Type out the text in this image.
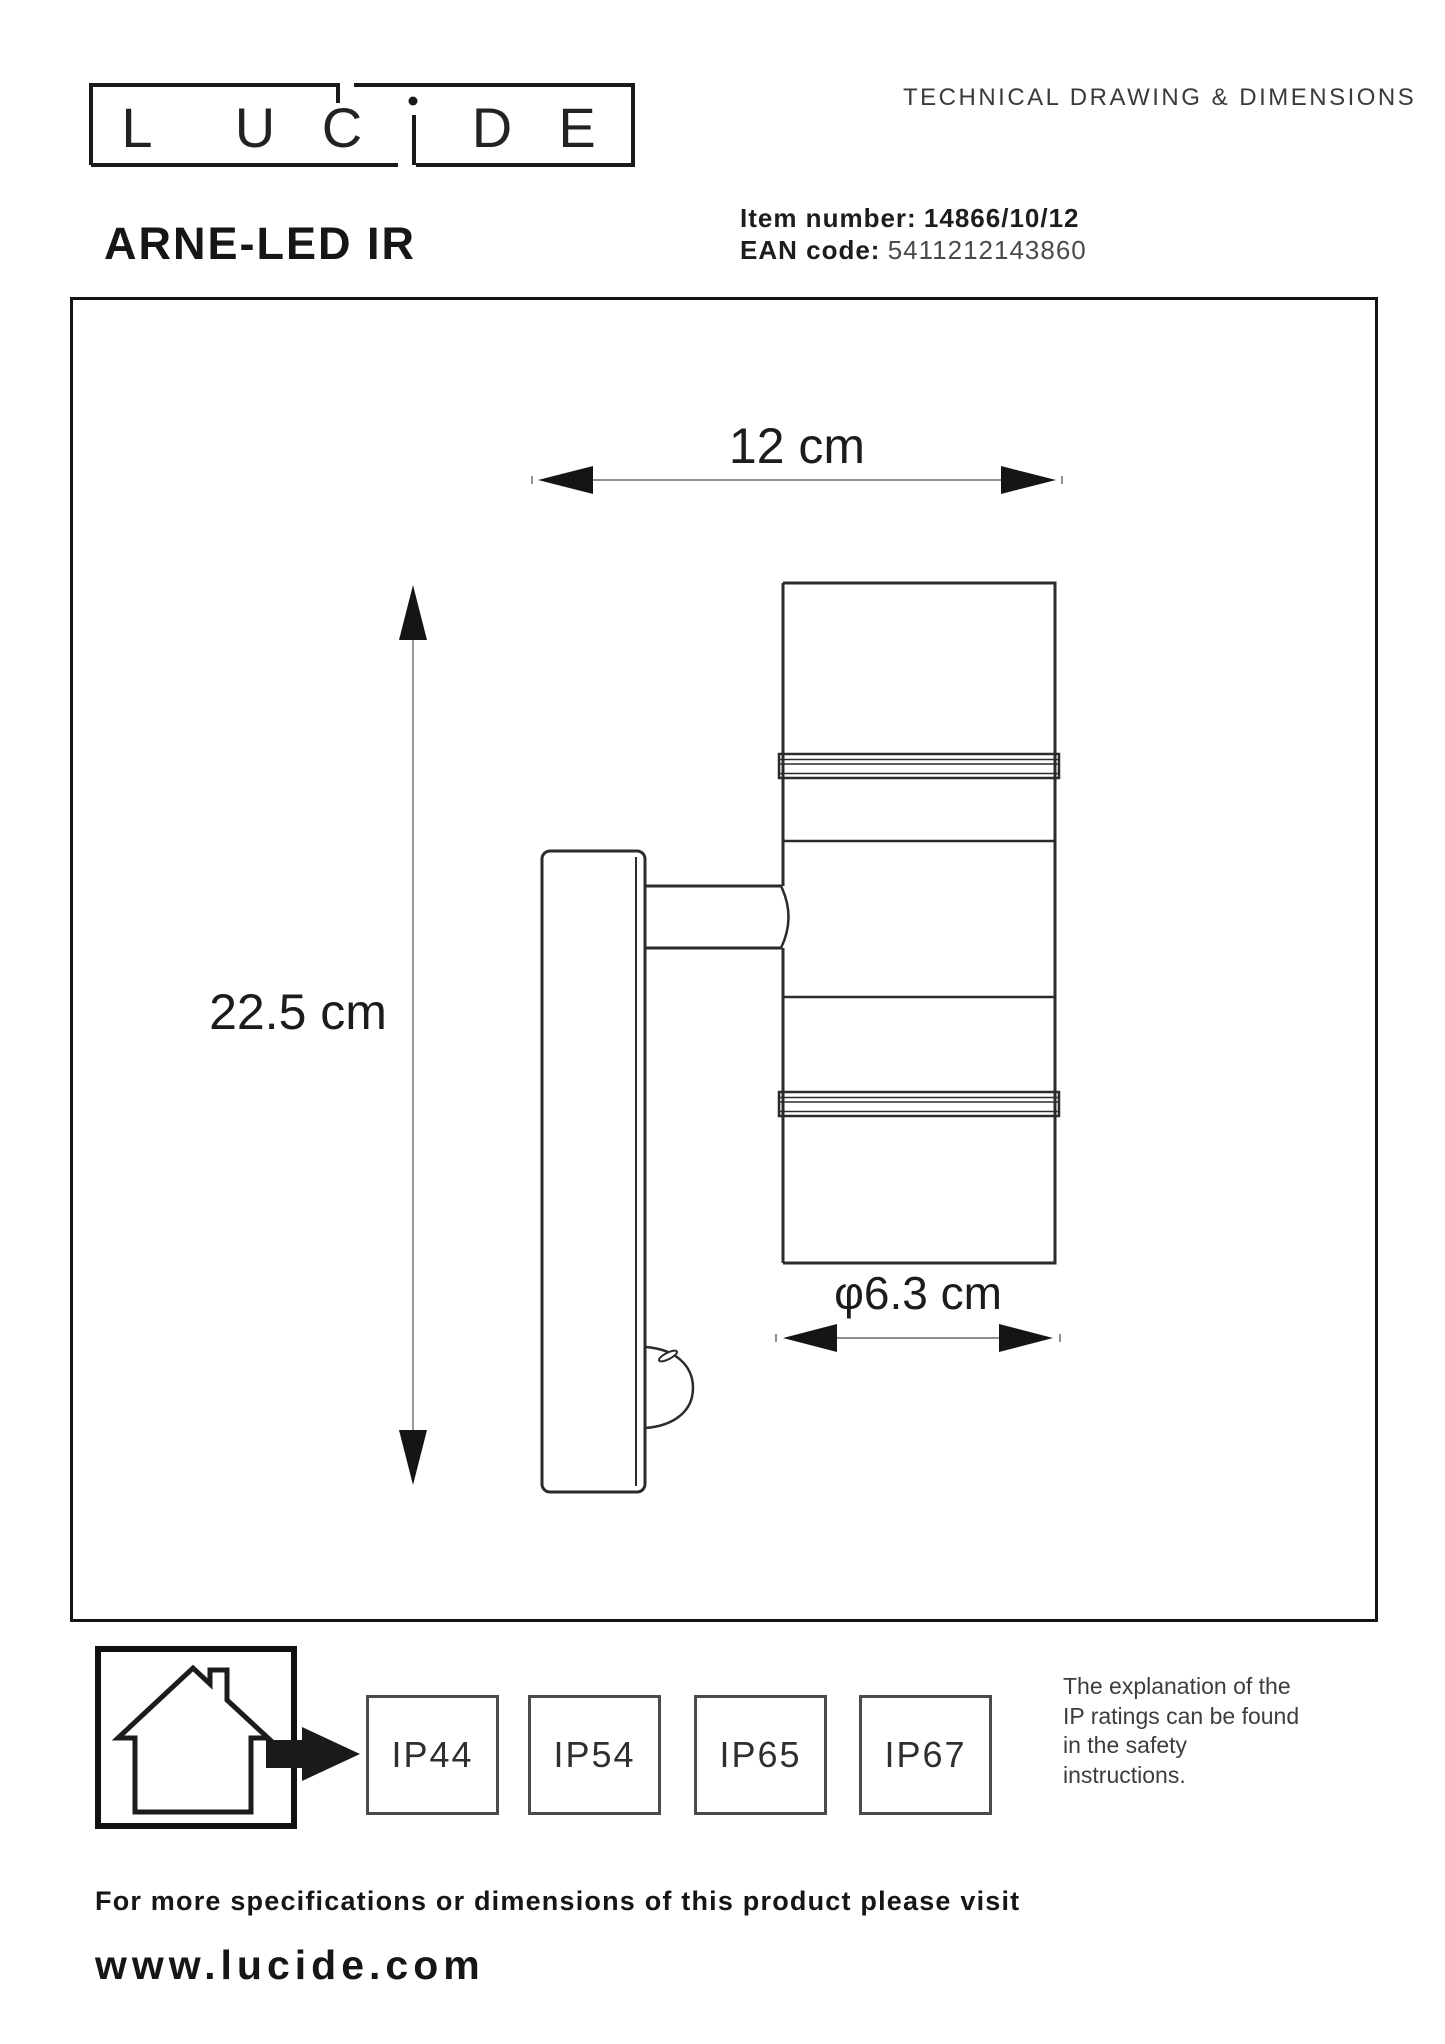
L U C D E	TECHNICAL DRAWING & DIMENSIONS
ARNE-LED IR	Item number: 14866/10/12
EAN code: 5411212143860
12 cm
22.5 cm
φ6.3 cm
IP44	IP54	IP65	IP67
The explanation of the
IP ratings can be found
in the safety
instructions.
For more specifications or dimensions of this product please visit
www.lucide.com
